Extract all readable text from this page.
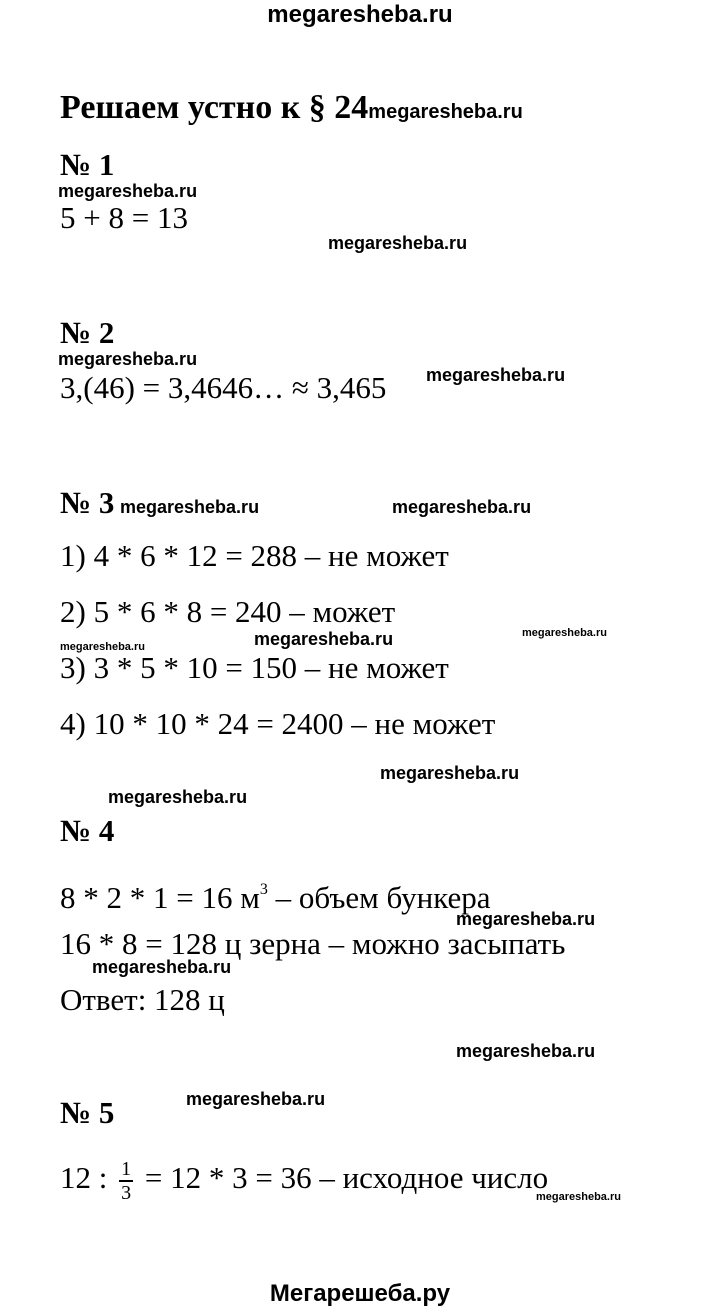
megaresheba.ru
Решаем устно к § 24megaresheba.ru
№ 1
megaresheba.ru
5 + 8 = 13
megaresheba.ru
№ 2
megaresheba.ru
3,(46) = 3,4646… ≈ 3,465 megaresheba.ru
№ 3 megaresheba.ru	megaresheba.ru
1) 4 * 6 * 12 = 288 – не может
2) 5 * 6 * 8 = 240 – может
megaresheba.ru	megaresheba.ru	megaresheba.ru
3) 3 * 5 * 10 = 150 – не может
4) 10 * 10 * 24 = 2400 – не может
megaresheba.ru
megaresheba.ru
№ 4
8 * 2 * 1 = 16 $м^3$ – объем бункера
megaresheba.ru
16 * 8 = 128 ц зерна – можно засыпать
megaresheba.ru
Ответ: 128 ц
megaresheba.ru
№ 5	megaresheba.ru
12 : $\frac{1}{3} = 12 * 3 = 36$ – исходное число
megaresheba.ru
Мегарешеба.ру
